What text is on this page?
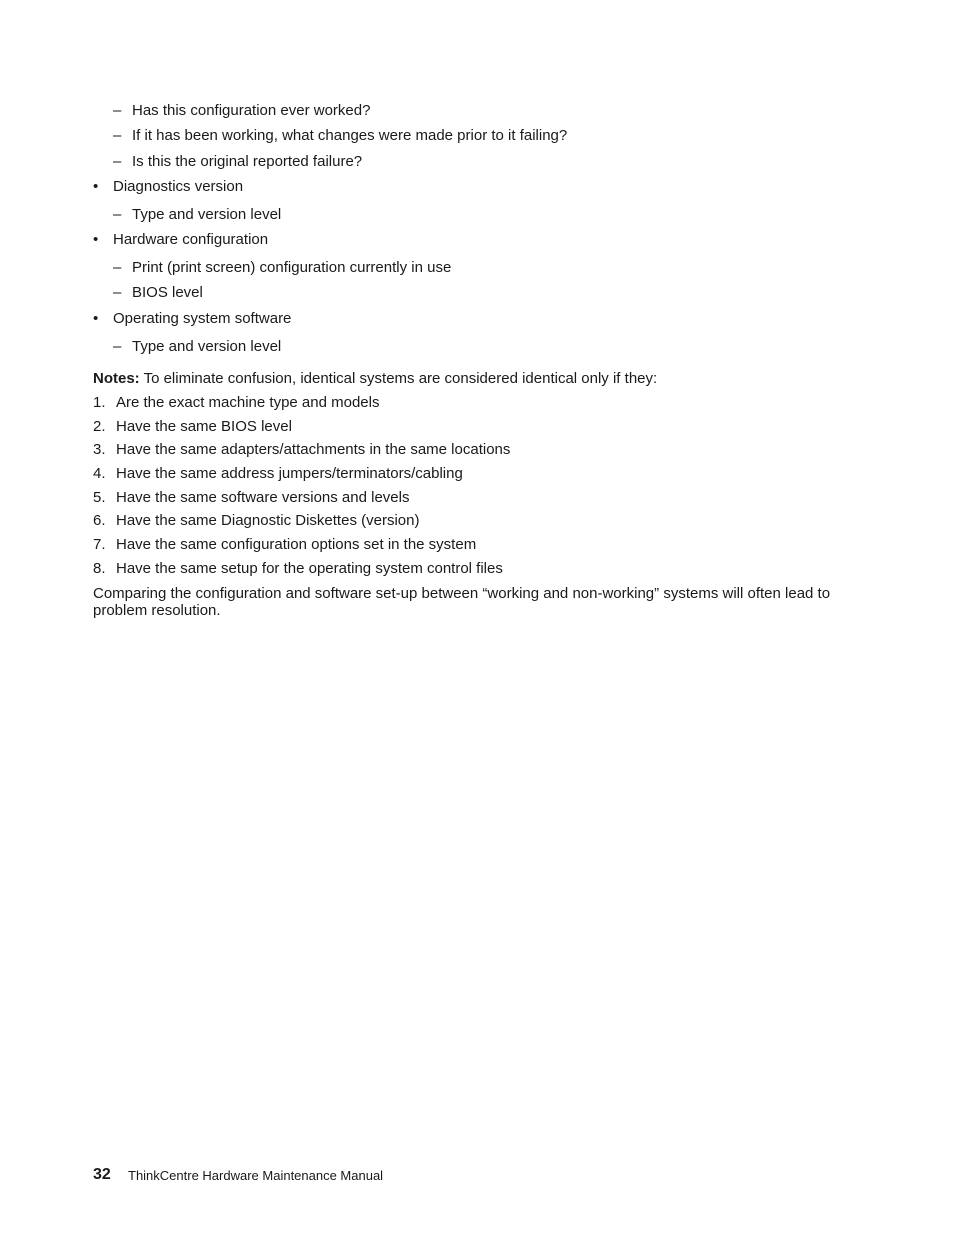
– Has this configuration ever worked?
– If it has been working, what changes were made prior to it failing?
– Is this the original reported failure?
• Diagnostics version
– Type and version level
• Hardware configuration
– Print (print screen) configuration currently in use
– BIOS level
• Operating system software
– Type and version level
Notes: To eliminate confusion, identical systems are considered identical only if they:
1. Are the exact machine type and models
2. Have the same BIOS level
3. Have the same adapters/attachments in the same locations
4. Have the same address jumpers/terminators/cabling
5. Have the same software versions and levels
6. Have the same Diagnostic Diskettes (version)
7. Have the same configuration options set in the system
8. Have the same setup for the operating system control files
Comparing the configuration and software set-up between “working and non-working” systems will often lead to problem resolution.
32 ThinkCentre Hardware Maintenance Manual
